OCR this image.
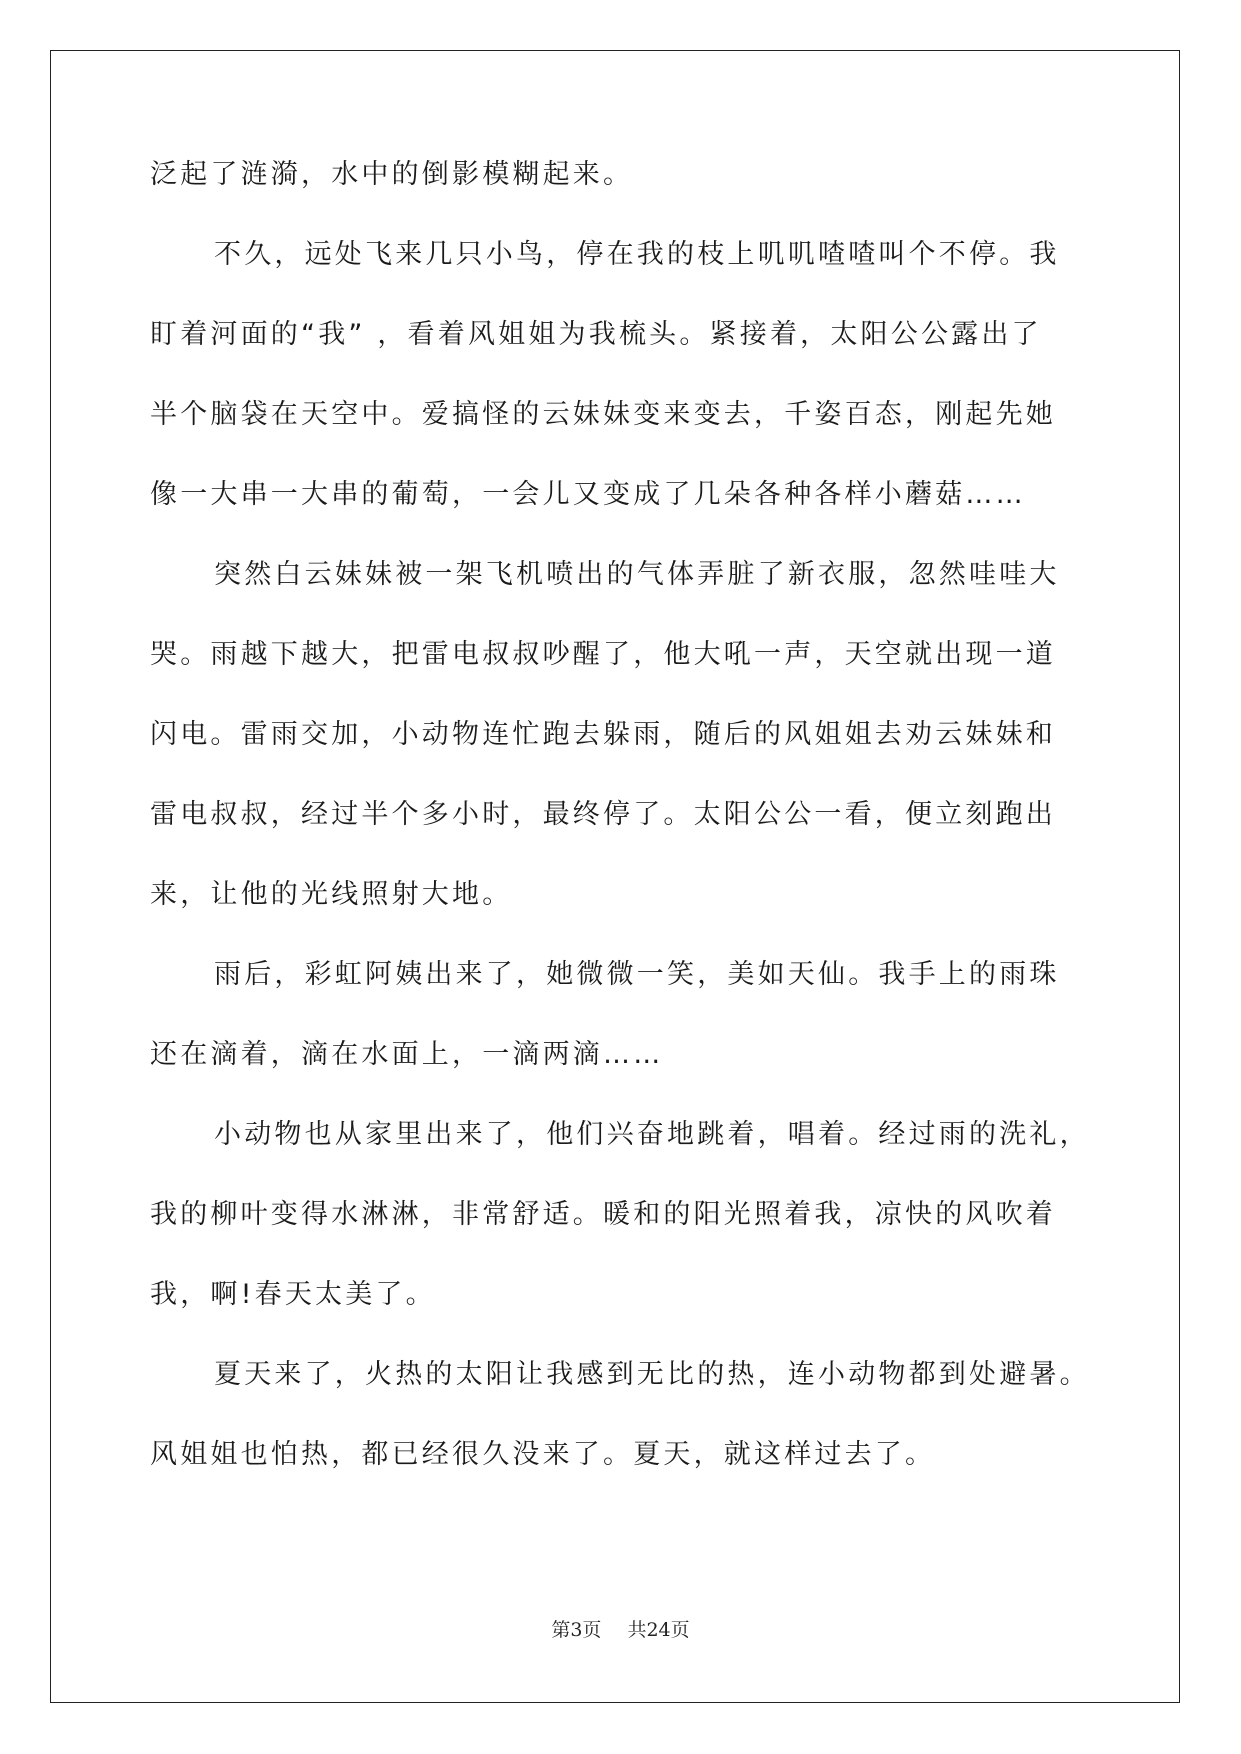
泛起了涟漪，水中的倒影模糊起来。
不久，远处飞来几只小鸟，停在我的枝上叽叽喳喳叫个不停。我
盯着河面的“我” ，看着风姐姐为我梳头。紧接着，太阳公公露出了
半个脑袋在天空中。爱搞怪的云妹妹变来变去，千姿百态，刚起先她
像一大串一大串的葡萄，一会儿又变成了几朵各种各样小蘑菇……
突然白云妹妹被一架飞机喷出的气体弄脏了新衣服，忽然哇哇大
哭。雨越下越大，把雷电叔叔吵醒了，他大吼一声，天空就出现一道
闪电。雷雨交加，小动物连忙跑去躲雨，随后的风姐姐去劝云妹妹和
雷电叔叔，经过半个多小时，最终停了。太阳公公一看，便立刻跑出
来，让他的光线照射大地。
雨后，彩虹阿姨出来了，她微微一笑，美如天仙。我手上的雨珠
还在滴着，滴在水面上，一滴两滴……
小动物也从家里出来了，他们兴奋地跳着，唱着。经过雨的洗礼，
我的柳叶变得水淋淋，非常舒适。暖和的阳光照着我，凉快的风吹着
我，啊!春天太美了。
夏天来了，火热的太阳让我感到无比的热，连小动物都到处避暑。
风姐姐也怕热，都已经很久没来了。夏天，就这样过去了。
第3页 共24页
